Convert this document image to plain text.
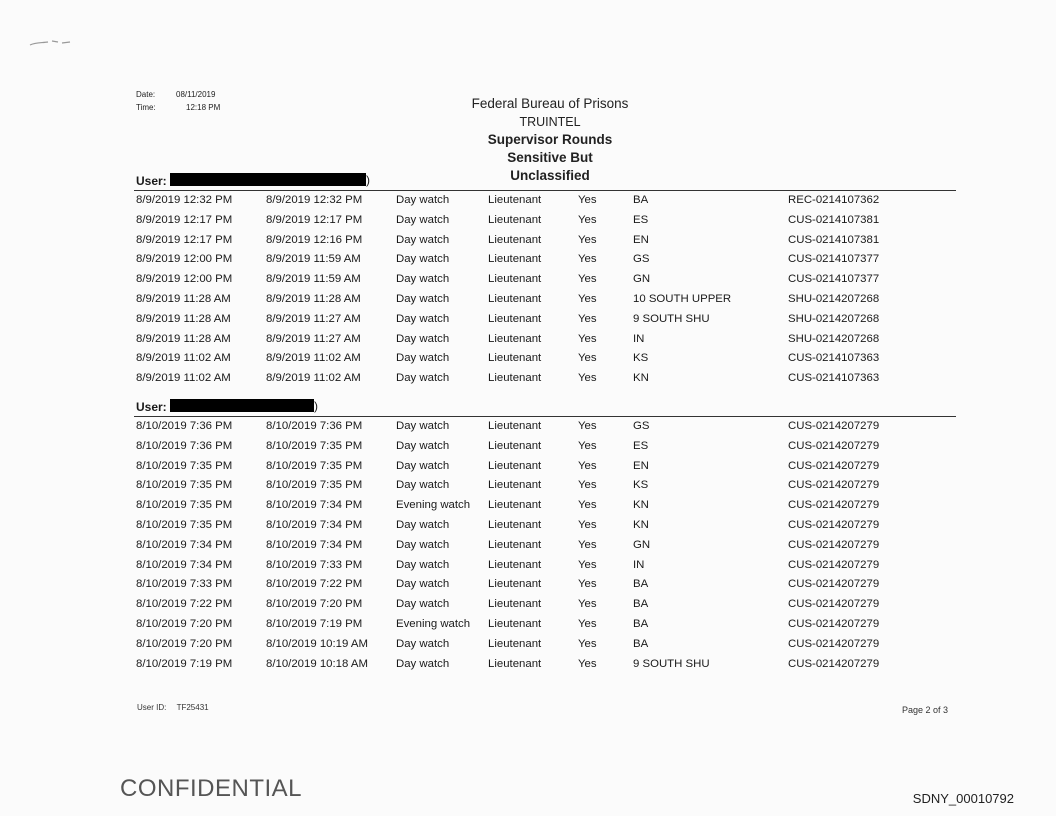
Date:	08/11/2019
Time:	12:18 PM	Federal Bureau of Prisons
TRUINTEL
Supervisor Rounds
Sensitive But Unclassified
User:	)
8/9/2019 12:32 PM	8/9/2019 12:32 PM	Day watch	Lieutenant	Yes	BA	REC-0214107362
8/9/2019 12:17 PM	8/9/2019 12:17 PM	Day watch	Lieutenant	Yes	ES	CUS-0214107381
8/9/2019 12:17 PM	8/9/2019 12:16 PM	Day watch	Lieutenant	Yes	EN	CUS-0214107381
8/9/2019 12:00 PM	8/9/2019 11:59 AM	Day watch	Lieutenant	Yes	GS	CUS-0214107377
8/9/2019 12:00 PM	8/9/2019 11:59 AM	Day watch	Lieutenant	Yes	GN	CUS-0214107377
8/9/2019 11:28 AM	8/9/2019 11:28 AM	Day watch	Lieutenant	Yes	10 SOUTH UPPER	SHU-0214207268
8/9/2019 11:28 AM	8/9/2019 11:27 AM	Day watch	Lieutenant	Yes	9 SOUTH SHU	SHU-0214207268
8/9/2019 11:28 AM	8/9/2019 11:27 AM	Day watch	Lieutenant	Yes	IN	SHU-0214207268
8/9/2019 11:02 AM	8/9/2019 11:02 AM	Day watch	Lieutenant	Yes	KS	CUS-0214107363
8/9/2019 11:02 AM	8/9/2019 11:02 AM	Day watch	Lieutenant	Yes	KN	CUS-0214107363
User:	)
8/10/2019 7:36 PM	8/10/2019 7:36 PM	Day watch	Lieutenant	Yes	GS	CUS-0214207279
8/10/2019 7:36 PM	8/10/2019 7:35 PM	Day watch	Lieutenant	Yes	ES	CUS-0214207279
8/10/2019 7:35 PM	8/10/2019 7:35 PM	Day watch	Lieutenant	Yes	EN	CUS-0214207279
8/10/2019 7:35 PM	8/10/2019 7:35 PM	Day watch	Lieutenant	Yes	KS	CUS-0214207279
8/10/2019 7:35 PM	8/10/2019 7:34 PM	Evening watch Lieutenant	Yes	KN	CUS-0214207279
8/10/2019 7:35 PM	8/10/2019 7:34 PM	Day watch	Lieutenant	Yes	KN	CUS-0214207279
8/10/2019 7:34 PM	8/10/2019 7:34 PM	Day watch	Lieutenant	Yes	GN	CUS-0214207279
8/10/2019 7:34 PM	8/10/2019 7:33 PM	Day watch	Lieutenant	Yes	IN	CUS-0214207279
8/10/2019 7:33 PM	8/10/2019 7:22 PM	Day watch	Lieutenant	Yes	BA	CUS-0214207279
8/10/2019 7:22 PM	8/10/2019 7:20 PM	Day watch	Lieutenant	Yes	BA	CUS-0214207279
8/10/2019 7:20 PM	8/10/2019 7:19 PM	Evening watch Lieutenant	Yes	BA	CUS-0214207279
8/10/2019 7:20 PM	8/10/2019 10:19 AM Day watch	Lieutenant	Yes	BA	CUS-0214207279
8/10/2019 7:19 PM	8/10/2019 10:18 AM Day watch	Lieutenant	Yes	9 SOUTH SHU	CUS-0214207279
User ID: TF25431	Page 2 of 3
CONFIDENTIAL	SDNY_00010792
